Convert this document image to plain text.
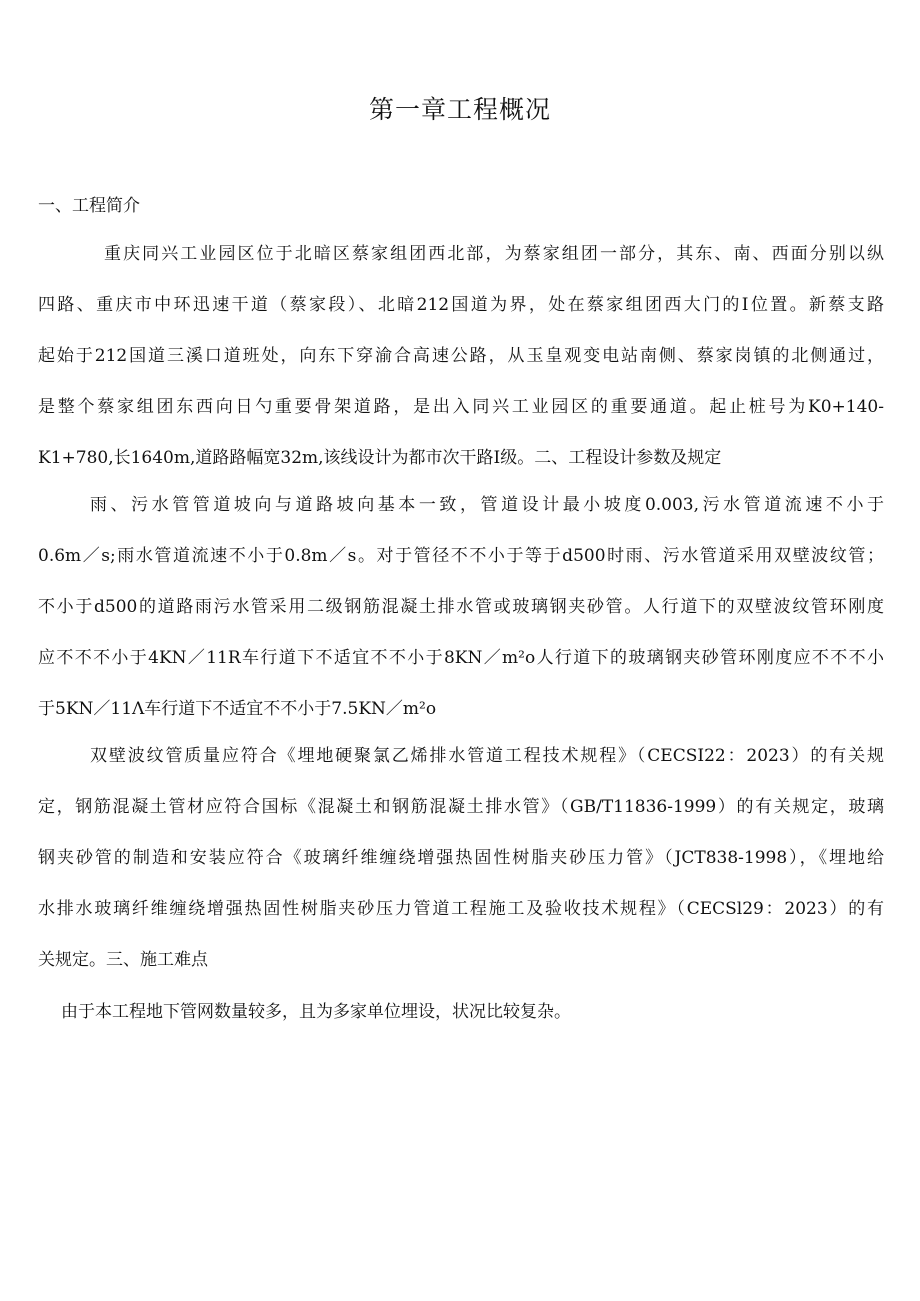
第一章工程概况
一、工程简介
重庆同兴工业园区位于北暗区蔡家组团西北部，为蔡家组团一部分，其东、南、西面分别以纵
四路、重庆市中环迅速干道（蔡家段）、北暗212国道为界，处在蔡家组团西大门的Ⅰ位置。新蔡支路
起始于212国道三溪口道班处，向东下穿渝合高速公路，从玉皇观变电站南侧、蔡家岗镇的北侧通过，
是整个蔡家组团东西向日勺重要骨架道路，是出入同兴工业园区的重要通道。起止桩号为K0+140-
K1+780,长1640m,道路路幅宽32m,该线设计为都市次干路Ⅰ级。二、工程设计参数及规定
雨、污水管管道坡向与道路坡向基本一致，管道设计最小坡度0.003,污水管道流速不小于
0.6m／s;雨水管道流速不小于0.8m／s。对于管径不不小于等于d500时雨、污水管道采用双壁波纹管；
不小于d500的道路雨污水管采用二级钢筋混凝土排水管或玻璃钢夹砂管。人行道下的双壁波纹管环刚度
应不不不小于4KN／11R车行道下不适宜不不小于8KN／m²o人行道下的玻璃钢夹砂管环刚度应不不不小
于5KN／11Λ车行道下不适宜不不小于7.5KN／m²o
双壁波纹管质量应符合《埋地硬聚氯乙烯排水管道工程技术规程》（CECSI22：2023）的有关规
定，钢筋混凝土管材应符合国标《混凝土和钢筋混凝土排水管》（GB/T11836-1999）的有关规定，玻璃
钢夹砂管的制造和安装应符合《玻璃纤维缠绕增强热固性树脂夹砂压力管》（JCT838-1998），《埋地给
水排水玻璃纤维缠绕增强热固性树脂夹砂压力管道工程施工及验收技术规程》（CECSl29：2023）的有
关规定。三、施工难点
由于本工程地下管网数量较多，且为多家单位埋设，状况比较复杂。
